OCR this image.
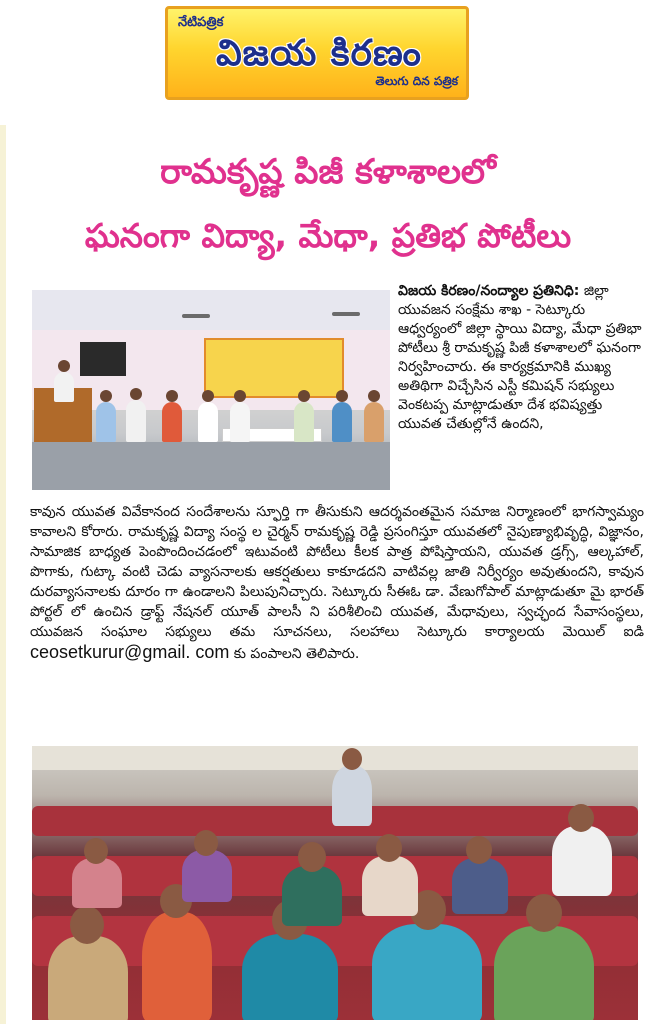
నేటిపత్రిక
విజయ కిరణం
తెలుగు దిన పత్రిక
రామకృష్ణ పిజీ కళాశాలలో
ఘనంగా విద్యా, మేధా, ప్రతిభ పోటీలు
విజయ కిరణం/నంద్యాల ప్రతినిధి: జిల్లా యువజన సంక్షేమ శాఖ - సెట్కూరు ఆధ్వర్యంలో జిల్లా స్థాయి విద్యా, మేధా ప్రతిభా పోటీలు శ్రీ రామకృష్ణ పిజీ కళాశాలలో ఘనంగా నిర్వహించారు. ఈ కార్యక్రమానికి ముఖ్య అతిథిగా విచ్చేసిన ఎస్టీ కమిషన్ సభ్యులు వెంకటప్ప మాట్లాడుతూ దేశ భవిష్యత్తు యువత చేతుల్లోనే ఉందని,
కావున యువత వివేకానంద సందేశాలను స్ఫూర్తి గా తీసుకుని ఆదర్శవంతమైన సమాజ నిర్మాణంలో భాగస్వామ్యం కావాలని కోరారు. రామకృష్ణ విద్యా సంస్థ ల చైర్మన్ రామకృష్ణ రెడ్డి ప్రసంగిస్తూ యువతలో నైపుణ్యాభివృద్ధి, విజ్ఞానం, సామాజిక బాధ్యత పెంపొందించడంలో ఇటువంటి పోటీలు కీలక పాత్ర పోషిస్తాయని, యువత డ్రగ్స్, ఆల్కహాల్, పొగాకు, గుట్కా వంటి చెడు వ్యాసనాలకు ఆకర్షతులు కాకూడదని వాటివల్ల జాతి నిర్వీర్యం అవుతుందని, కావున దురవ్యాసనాలకు దూరం గా ఉండాలని పిలుపునిచ్చారు. సెట్కూరు సీఈఓ డా. వేణుగోపాల్ మాట్లాడుతూ మై భారత్ పోర్టల్ లో ఉంచిన డ్రాఫ్ట్ నేషనల్ యూత్ పాలసీ ని పరిశీలించి యువత, మేధావులు, స్వచ్ఛంద సేవాసంస్థలు, యువజన సంఘాల సభ్యులు తమ సూచనలు, సలహాలు సెట్కూరు కార్యాలయ మెయిల్ ఐడి ceosetkurur@gmail. com కు పంపాలని తెలిపారు.
